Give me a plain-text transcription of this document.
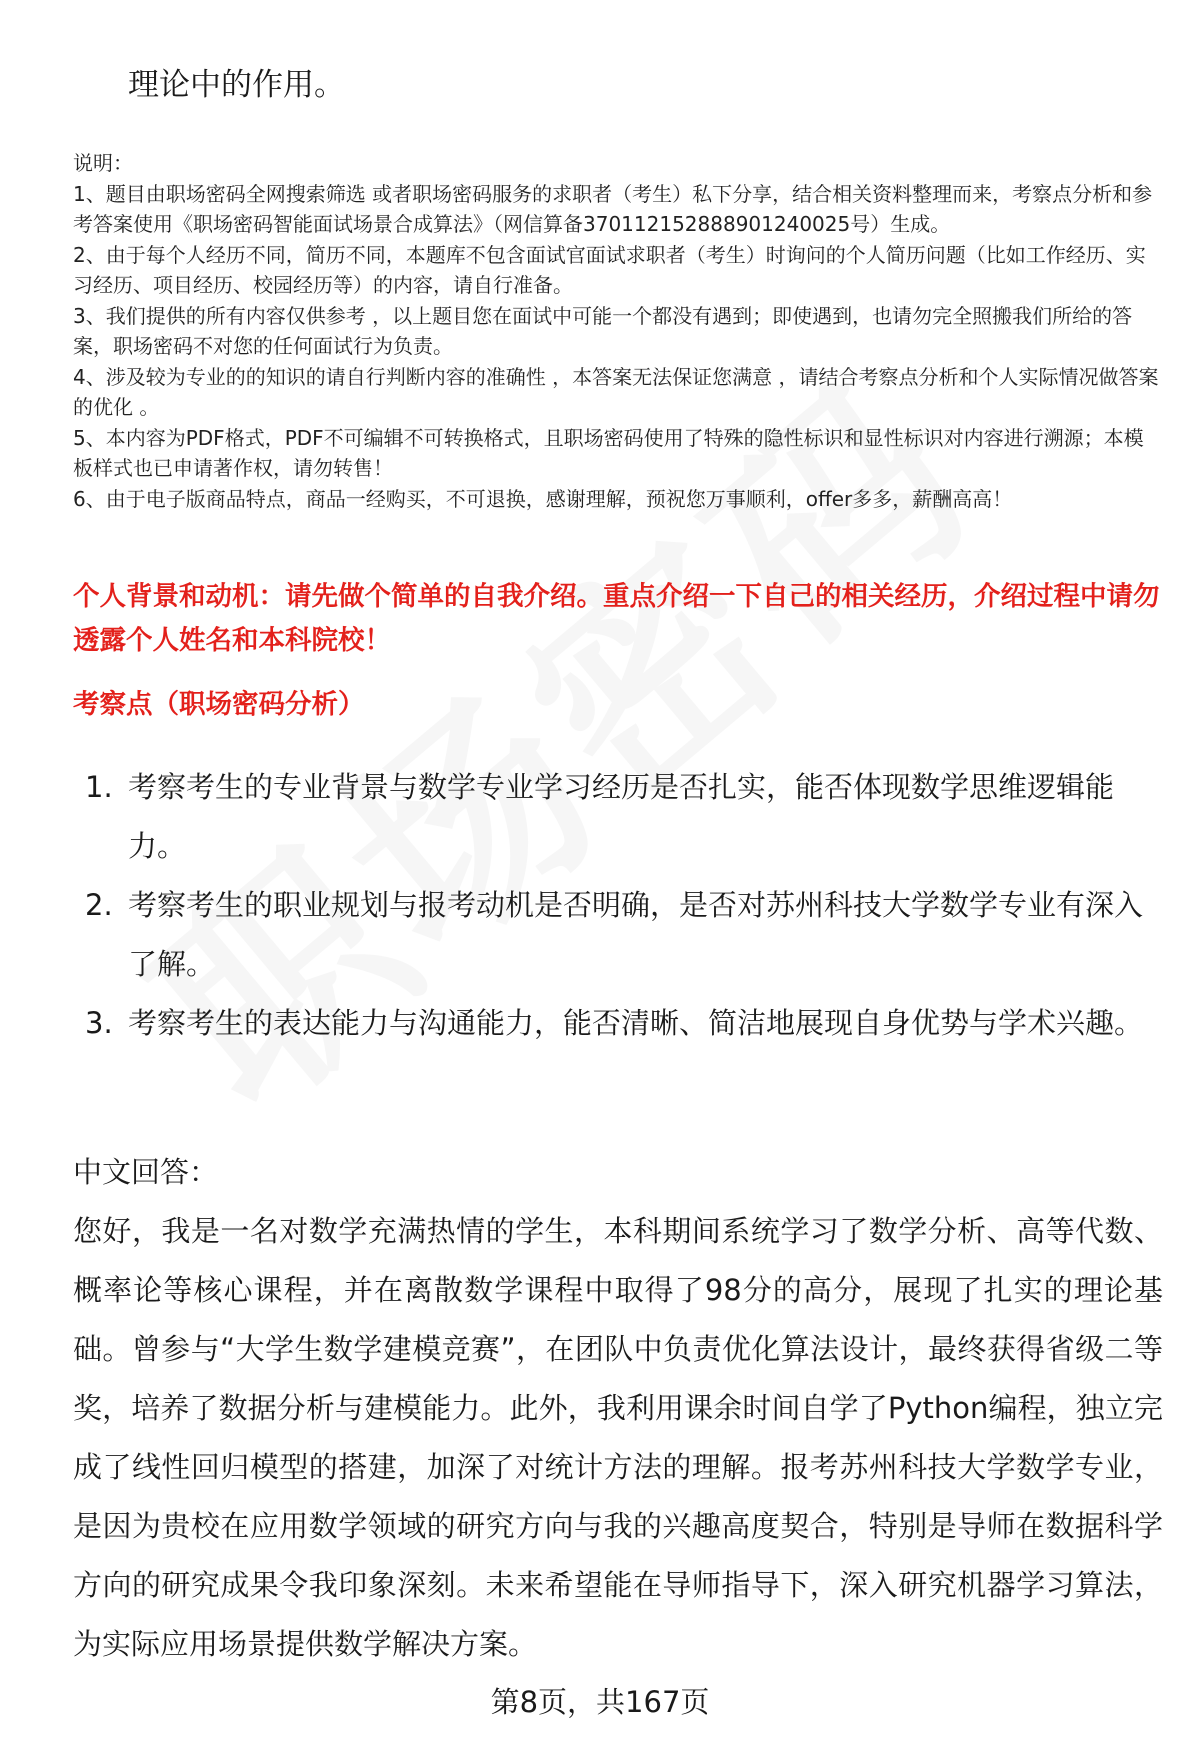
理论中的作用。

说明：

1、题目由职场密码全网搜索筛选 或者职场密码服务的求职者（考生）私下分享，结合相关资料整理而来，考察点分析和参考答案使用《职场密码智能面试场景合成算法》（网信算备370112152888901240025号）生成。

2、由于每个人经历不同，简历不同，本题库不包含面试官面试求职者（考生）时询问的个人简历问题（比如工作经历、实习经历、项目经历、校园经历等）的内容，请自行准备。

3、我们提供的所有内容仅供参考 ，以上题目您在面试中可能一个都没有遇到；即使遇到，也请勿完全照搬我们所给的答案，职场密码不对您的任何面试行为负责。

4、涉及较为专业的的知识的请自行判断内容的准确性 ，本答案无法保证您满意 ，请结合考察点分析和个人实际情况做答案的优化 。

5、本内容为PDF格式，PDF不可编辑不可转换格式，且职场密码使用了特殊的隐性标识和显性标识对内容进行溯源；本模板样式也已申请著作权，请勿转售！

6、由于电子版商品特点，商品一经购买，不可退换，感谢理解，预祝您万事顺利，offer多多，薪酬高高！

个人背景和动机：请先做个简单的自我介绍。重点介绍一下自己的相关经历，介绍过程中请勿透露个人姓名和本科院校！
考察点（职场密码分析）
1. 考察考生的专业背景与数学专业学习经历是否扎实，能否体现数学思维逻辑能力。
2. 考察考生的职业规划与报考动机是否明确，是否对苏州科技大学数学专业有深入了解。
3. 考察考生的表达能力与沟通能力，能否清晰、简洁地展现自身优势与学术兴趣。
中文回答：
您好，我是一名对数学充满热情的学生，本科期间系统学习了数学分析、高等代数、概率论等核心课程，并在离散数学课程中取得了98分的高分，展现了扎实的理论基础。曾参与“大学生数学建模竞赛”，在团队中负责优化算法设计，最终获得省级二等奖，培养了数据分析与建模能力。此外，我利用课余时间自学了Python编程，独立完成了线性回归模型的搭建，加深了对统计方法的理解。报考苏州科技大学数学专业，是因为贵校在应用数学领域的研究方向与我的兴趣高度契合，特别是导师在数据科学方向的研究成果令我印象深刻。未来希望能在导师指导下，深入研究机器学习算法，为实际应用场景提供数学解决方案。
第8页，共167页
